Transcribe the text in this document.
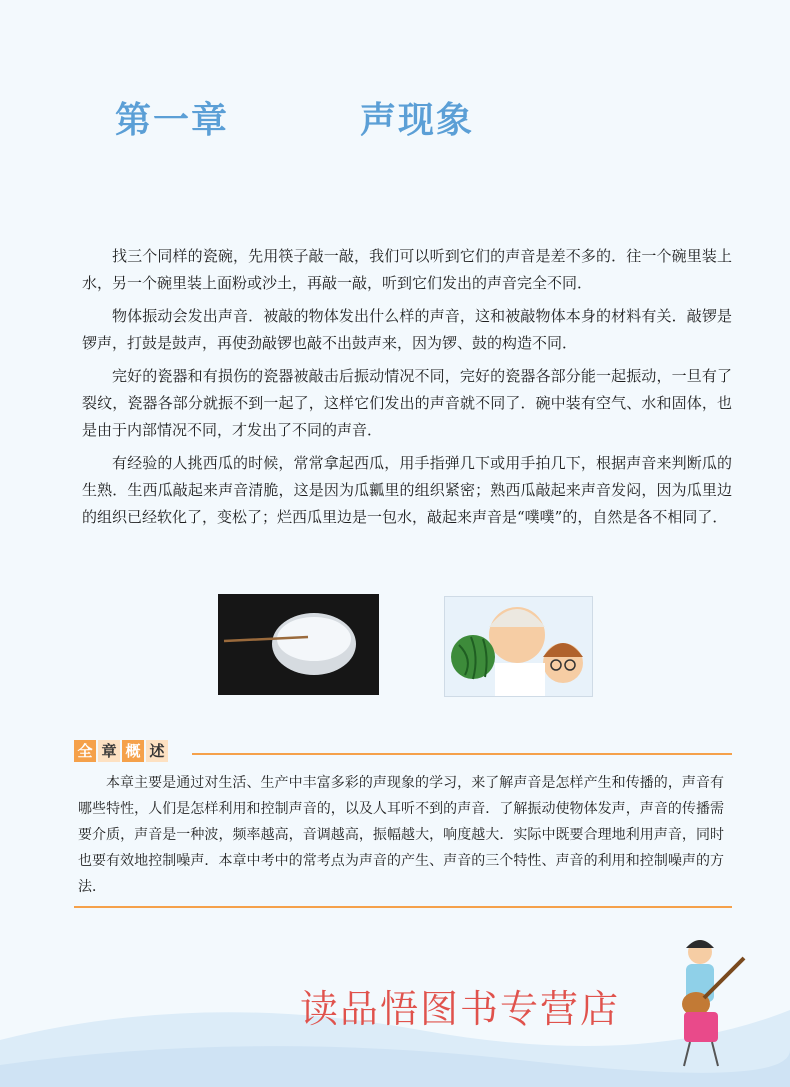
第一章	声现象

找三个同样的瓷碗，先用筷子敲一敲，我们可以听到它们的声音是差不多的．往一个碗里装上水，另一个碗里装上面粉或沙土，再敲一敲，听到它们发出的声音完全不同．

物体振动会发出声音．被敲的物体发出什么样的声音，这和被敲物体本身的材料有关．敲锣是锣声，打鼓是鼓声，再使劲敲锣也敲不出鼓声来，因为锣、鼓的构造不同．

完好的瓷器和有损伤的瓷器被敲击后振动情况不同，完好的瓷器各部分能一起振动，一旦有了裂纹，瓷器各部分就振不到一起了，这样它们发出的声音就不同了．碗中装有空气、水和固体，也是由于内部情况不同，才发出了不同的声音．

有经验的人挑西瓜的时候，常常拿起西瓜，用手指弹几下或用手拍几下，根据声音来判断瓜的生熟．生西瓜敲起来声音清脆，这是因为瓜瓤里的组织紧密；熟西瓜敲起来声音发闷，因为瓜里边的组织已经软化了，变松了；烂西瓜里边是一包水，敲起来声音是“噗噗”的，自然是各不相同了．

全 章 概 述

本章主要是通过对生活、生产中丰富多彩的声现象的学习，来了解声音是怎样产生和传播的，声音有哪些特性，人们是怎样利用和控制声音的，以及人耳听不到的声音．了解振动使物体发声，声音的传播需要介质，声音是一种波，频率越高，音调越高，振幅越大，响度越大．实际中既要合理地利用声音，同时也要有效地控制噪声．本章中考中的常考点为声音的产生、声音的三个特性、声音的利用和控制噪声的方法．

读品悟图书专营店
